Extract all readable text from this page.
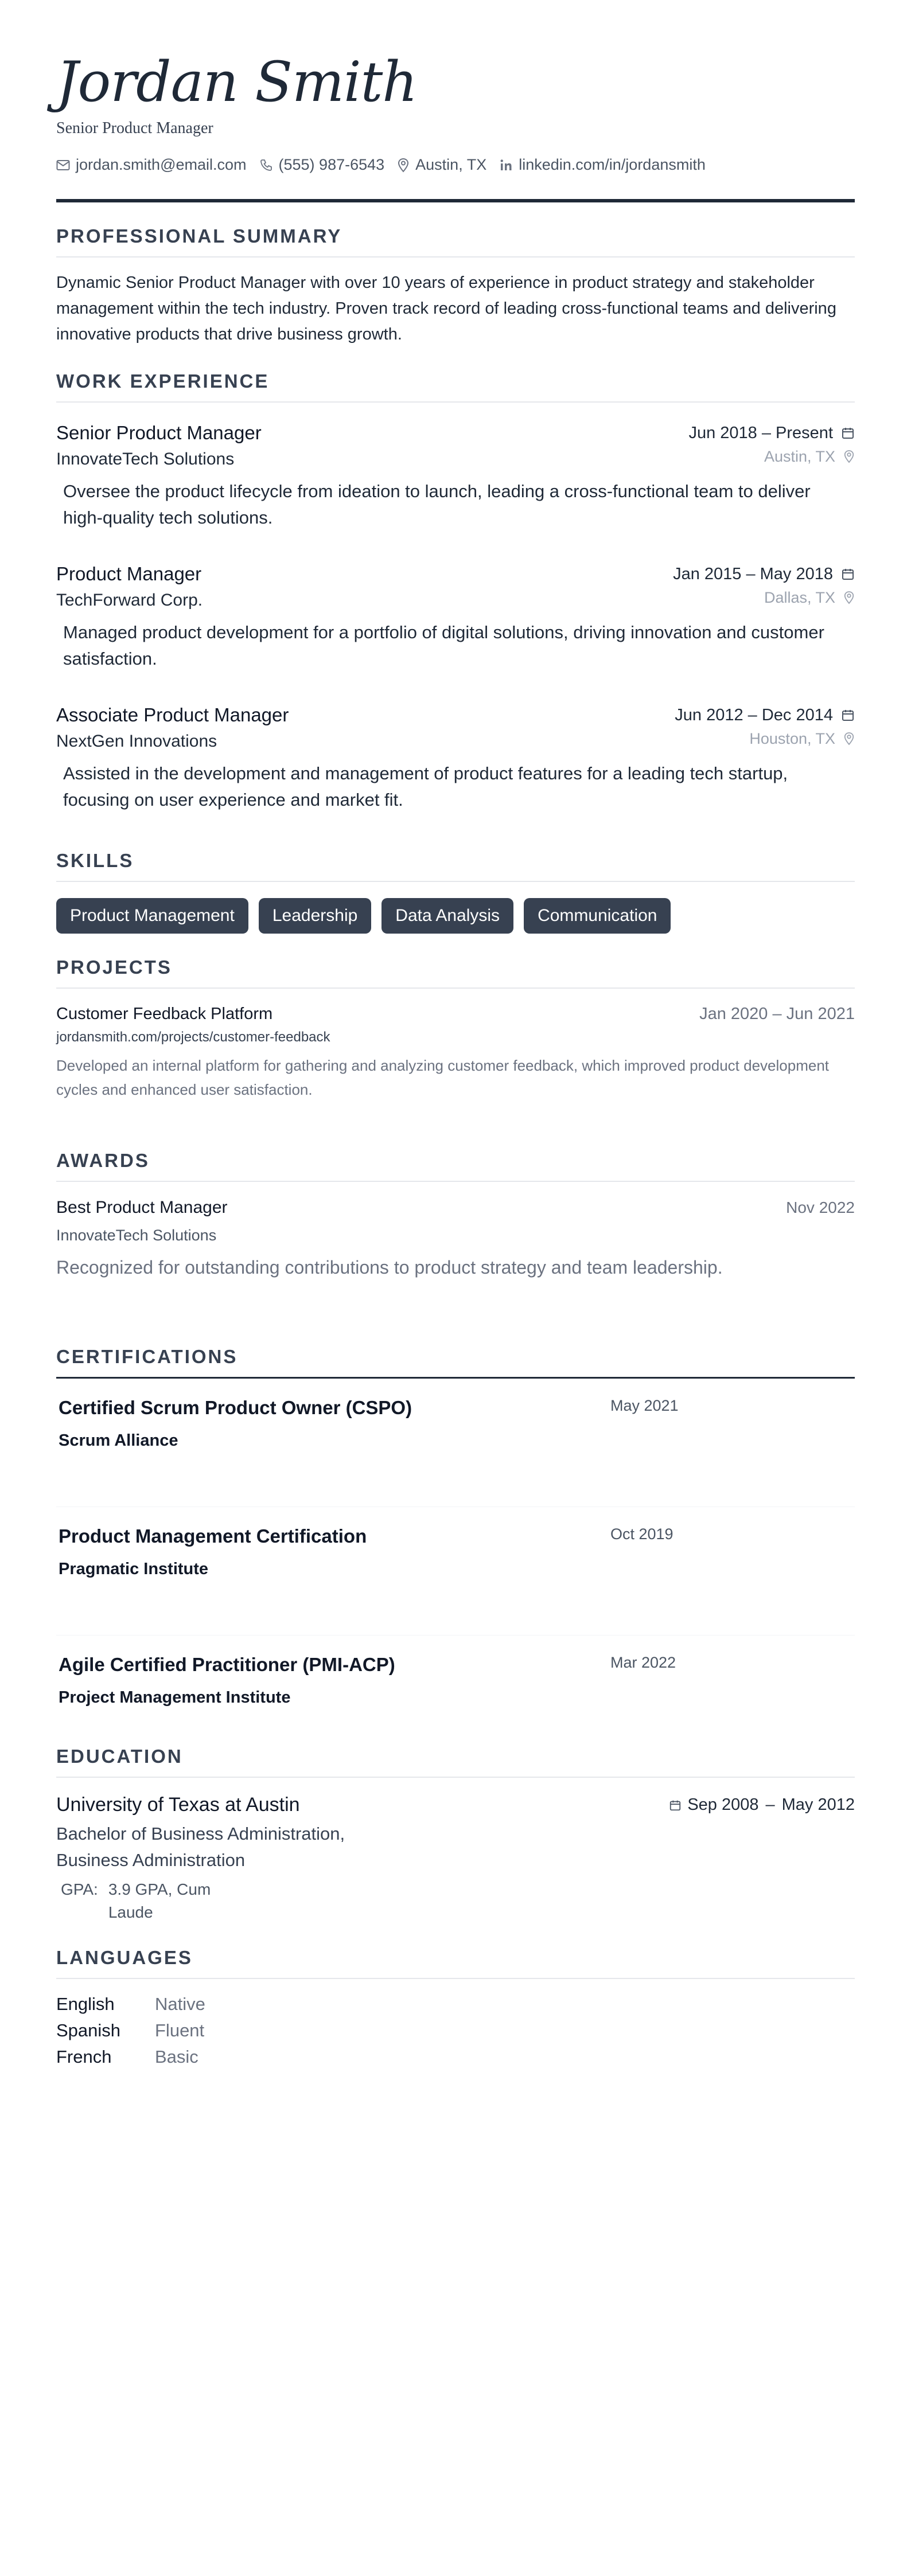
Jordan Smith
Senior Product Manager
jordan.smith@email.com (555) 987-6543 Austin, TX linkedin.com/in/jordansmith
PROFESSIONAL SUMMARY

Dynamic Senior Product Manager with over 10 years of experience in product strategy and stakeholder management within the tech industry. Proven track record of leading cross-functional teams and delivering innovative products that drive business growth.

WORK EXPERIENCE
Senior Product Manager	Jun 2018 – Present
InnovateTech Solutions	Austin, TX

Oversee the product lifecycle from ideation to launch, leading a cross-functional team to deliver high-quality tech solutions.

Product Manager	Jan 2015 – May 2018
TechForward Corp.	Dallas, TX

Managed product development for a portfolio of digital solutions, driving innovation and customer satisfaction.

Associate Product Manager	Jun 2012 – Dec 2014
NextGen Innovations	Houston, TX

Assisted in the development and management of product features for a leading tech startup, focusing on user experience and market fit.

SKILLS
Product Management	Leadership	Data Analysis	Communication
PROJECTS
Customer Feedback Platform	Jan 2020 – Jun 2021
jordansmith.com/projects/customer-feedback

Developed an internal platform for gathering and analyzing customer feedback, which improved product development cycles and enhanced user satisfaction.

AWARDS
Best Product Manager	Nov 2022
InnovateTech Solutions

Recognized for outstanding contributions to product strategy and team leadership.

CERTIFICATIONS
Certified Scrum Product Owner (CSPO)
Scrum Alliance
May 2021
Product Management Certification
Pragmatic Institute
Oct 2019
Agile Certified Practitioner (PMI-ACP)
Project Management Institute
Mar 2022
EDUCATION
University of Texas at Austin	Sep 2008 – May 2012
Bachelor of Business Administration, Business Administration
GPA: 3.9 GPA, Cum Laude
LANGUAGES
English	Native
Spanish	Fluent
French	Basic
